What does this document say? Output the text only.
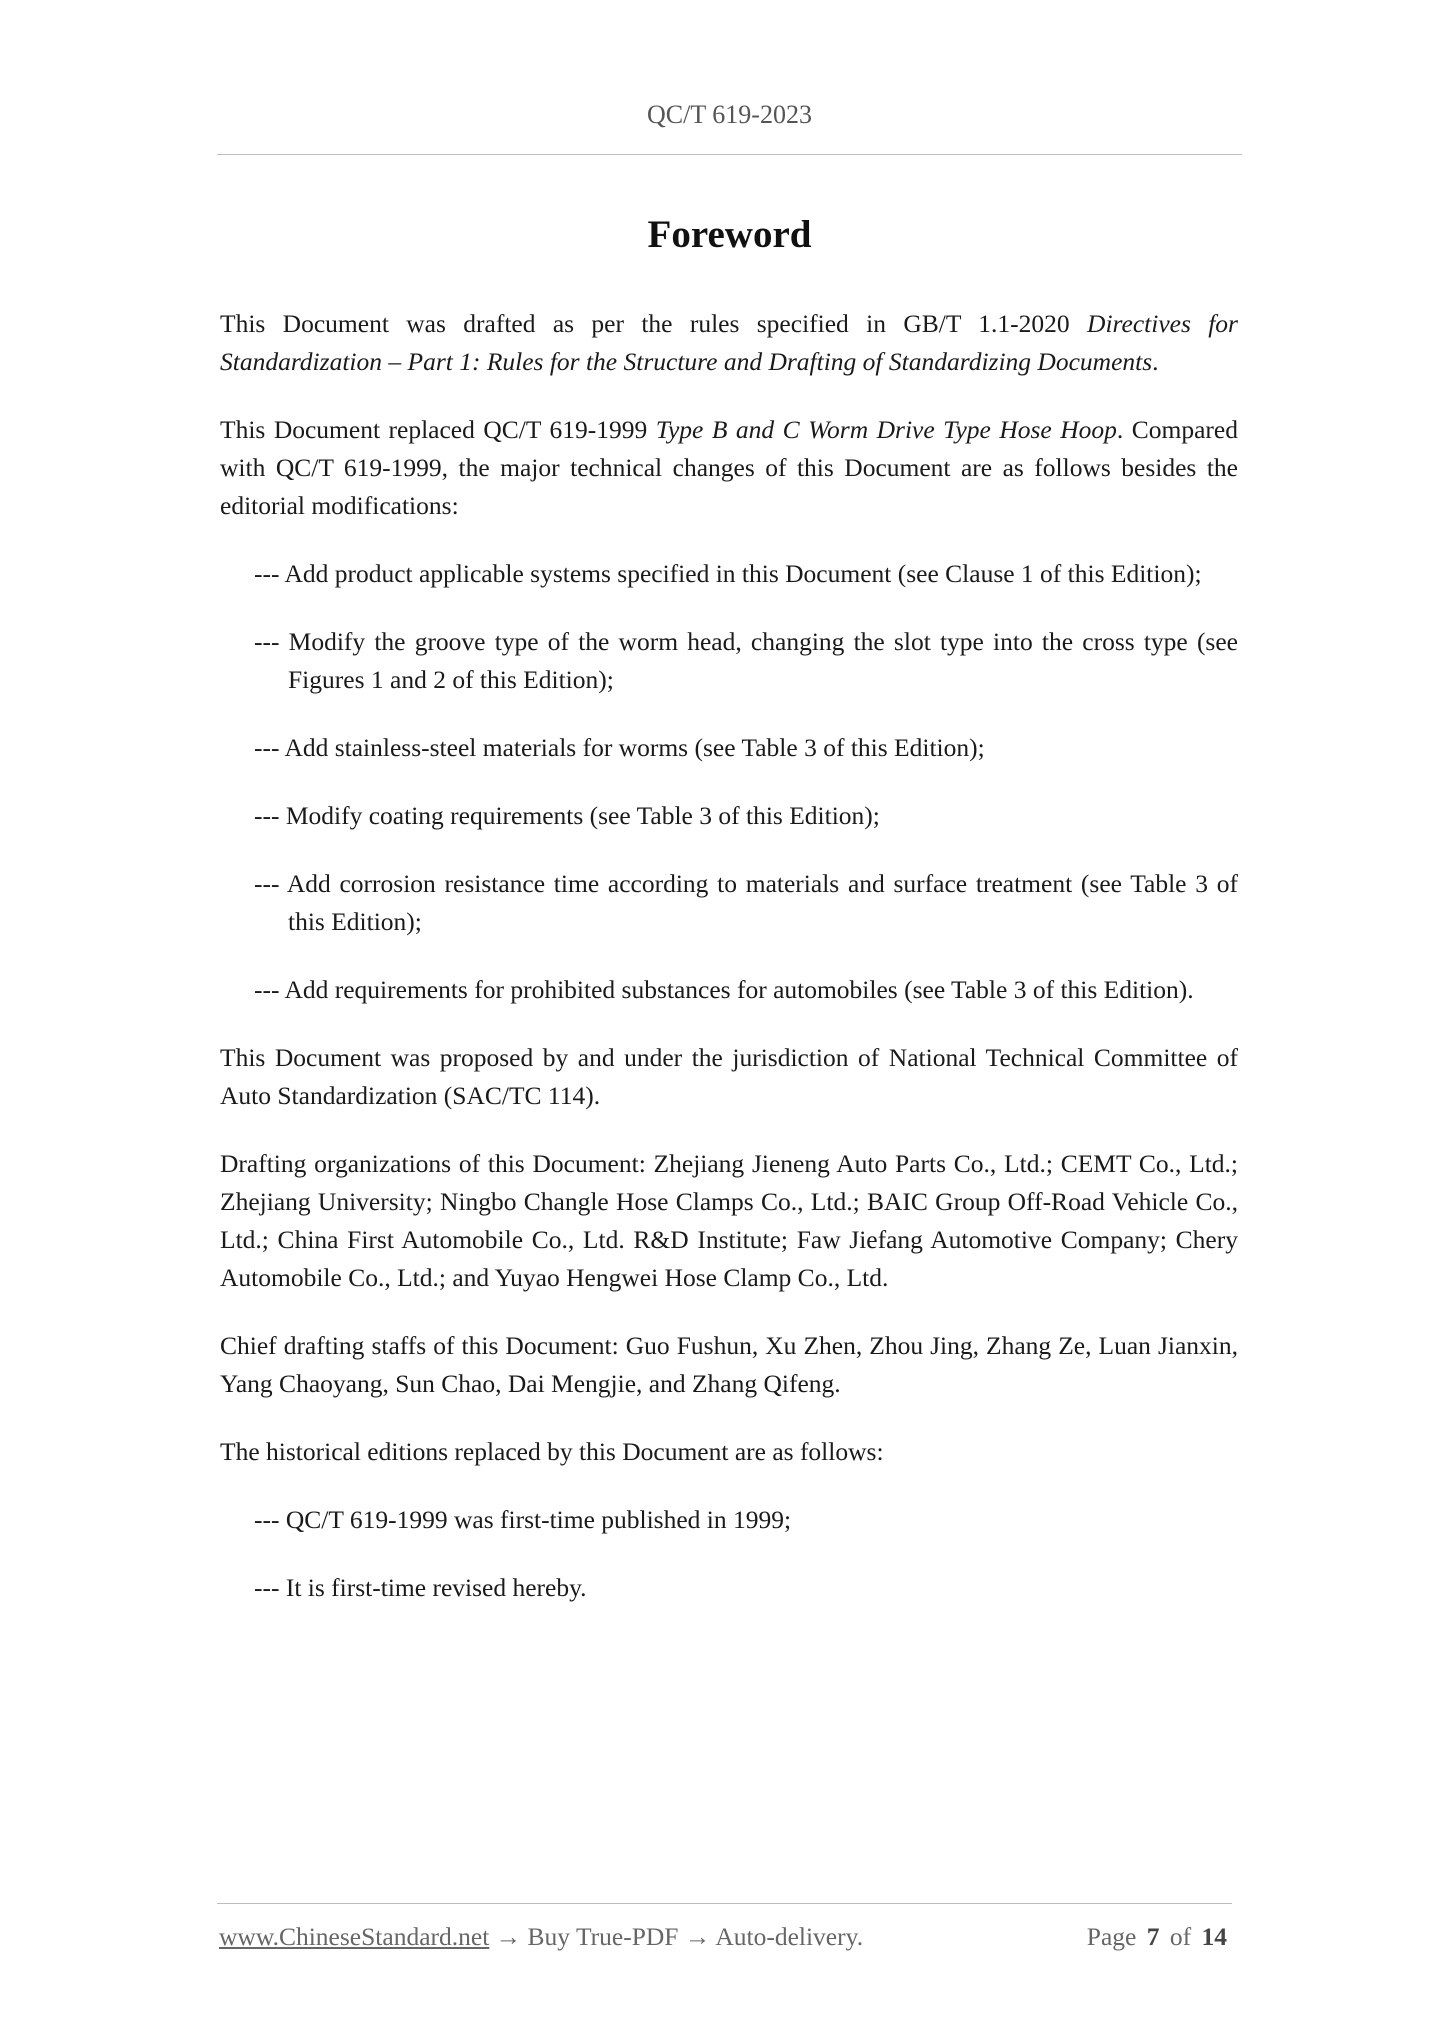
QC/T 619-2023
Foreword

This Document was drafted as per the rules specified in GB/T 1.1-2020 Directives for Standardization – Part 1: Rules for the Structure and Drafting of Standardizing Documents.

This Document replaced QC/T 619-1999 Type B and C Worm Drive Type Hose Hoop. Compared with QC/T 619-1999, the major technical changes of this Document are as follows besides the editorial modifications:

--- Add product applicable systems specified in this Document (see Clause 1 of this Edition);
--- Modify the groove type of the worm head, changing the slot type into the cross type (see Figures 1 and 2 of this Edition);
--- Add stainless-steel materials for worms (see Table 3 of this Edition);
--- Modify coating requirements (see Table 3 of this Edition);
--- Add corrosion resistance time according to materials and surface treatment (see Table 3 of this Edition);
--- Add requirements for prohibited substances for automobiles (see Table 3 of this Edition).

This Document was proposed by and under the jurisdiction of National Technical Committee of Auto Standardization (SAC/TC 114).

Drafting organizations of this Document: Zhejiang Jieneng Auto Parts Co., Ltd.; CEMT Co., Ltd.; Zhejiang University; Ningbo Changle Hose Clamps Co., Ltd.; BAIC Group Off-Road Vehicle Co., Ltd.; China First Automobile Co., Ltd. R&D Institute; Faw Jiefang Automotive Company; Chery Automobile Co., Ltd.; and Yuyao Hengwei Hose Clamp Co., Ltd.

Chief drafting staffs of this Document: Guo Fushun, Xu Zhen, Zhou Jing, Zhang Ze, Luan Jianxin, Yang Chaoyang, Sun Chao, Dai Mengjie, and Zhang Qifeng.

The historical editions replaced by this Document are as follows:

--- QC/T 619-1999 was first-time published in 1999;
--- It is first-time revised hereby.
www.ChineseStandard.net → Buy True-PDF → Auto-delivery.	Page 7 of 14
